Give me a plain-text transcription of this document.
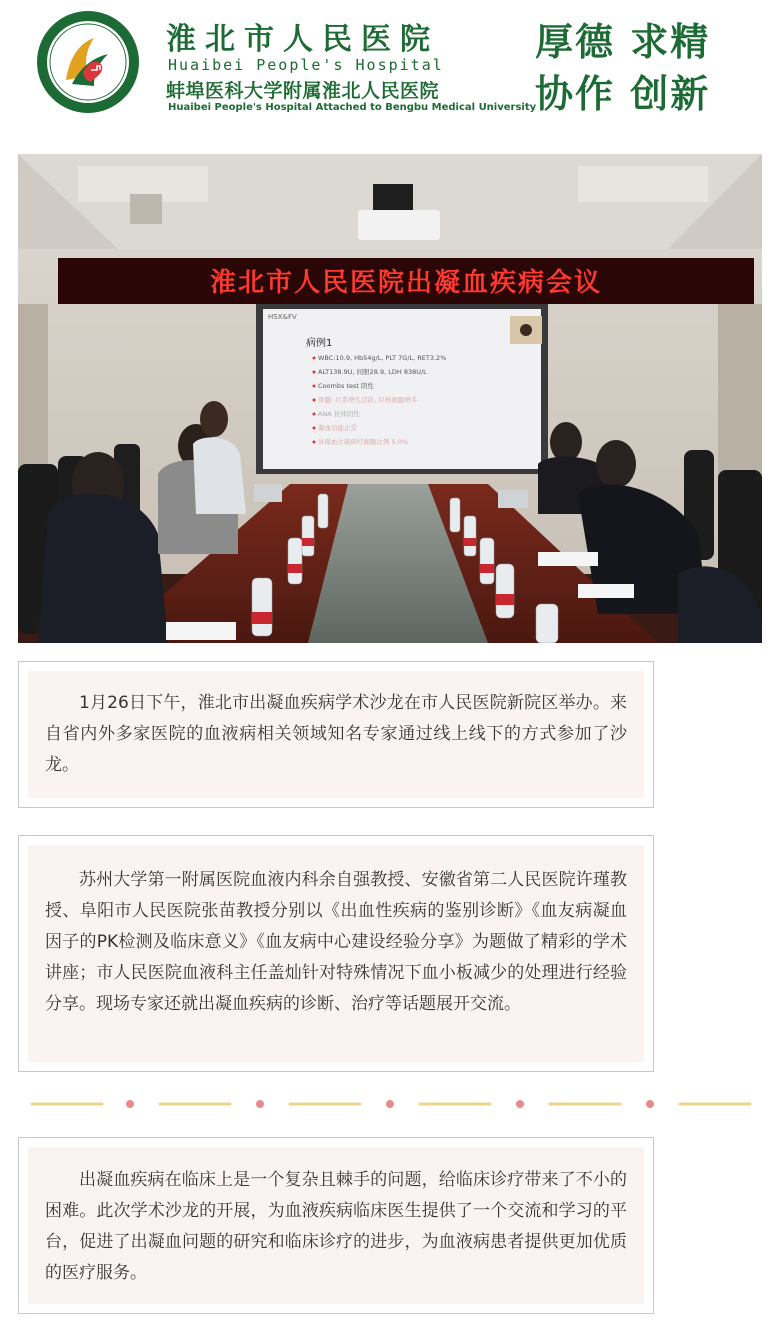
淮北市人民医院
Huaibei People's Hospital
蚌埠医科大学附属淮北人民医院
Huaibei People's Hospital Attached to Bengbu Medical University
厚德 求精
协作 创新
淮北市人民医院出凝血疾病会议
HSX&FV
病例1
WBC:10.9, Hb54g/L, PLT 7G/L, RET3.2%
ALT138.9U, 间胆28.9, LDH 838U/L
Coombs test 阴性
骨髓: 红系增生活跃, 巨核细胞增多
ANA 抗体阴性
凝血功能正常
外周血片破碎红细胞比例 5.0%

1月26日下午，淮北市出凝血疾病学术沙龙在市人民医院新院区举办。来自省内外多家医院的血液病相关领域知名专家通过线上线下的方式参加了沙龙。

苏州大学第一附属医院血液内科余自强教授、安徽省第二人民医院许瑾教授、阜阳市人民医院张苗教授分别以《出血性疾病的鉴别诊断》《血友病凝血因子的PK检测及临床意义》《血友病中心建设经验分享》为题做了精彩的学术讲座；市人民医院血液科主任盖灿针对特殊情况下血小板减少的处理进行经验分享。现场专家还就出凝血疾病的诊断、治疗等话题展开交流。

出凝血疾病在临床上是一个复杂且棘手的问题，给临床诊疗带来了不小的困难。此次学术沙龙的开展，为血液疾病临床医生提供了一个交流和学习的平台，促进了出凝血问题的研究和临床诊疗的进步，为血液病患者提供更加优质的医疗服务。
